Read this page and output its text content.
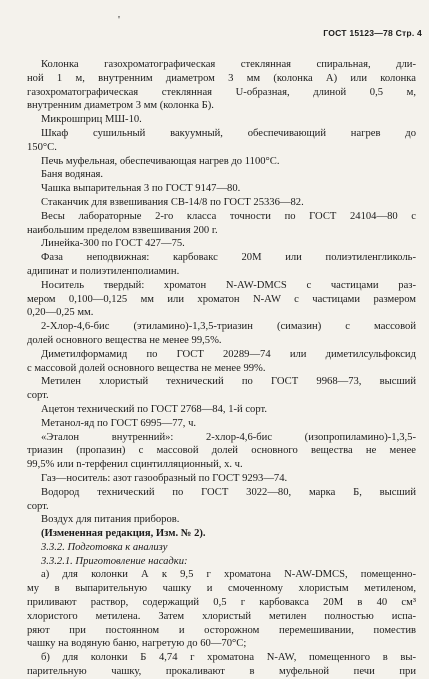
'
ГОСТ 15123—78 Стр. 4

Колонка газохроматографическая стеклянная спиральная, дли-
ной 1 м, внутренним диаметром 3 мм (колонка А) или колонка
газохроматографическая стеклянная U-образная, длиной 0,5 м,
внутренним диаметром 3 мм (колонка Б).

Микрошприц МШ-10.

Шкаф сушильный вакуумный, обеспечивающий нагрев до
150°С.

Печь муфельная, обеспечивающая нагрев до 1100°С.

Баня водяная.

Чашка выпарительная 3 по ГОСТ 9147—80.

Стаканчик для взвешивания СВ-14/8 по ГОСТ 25336—82.

Весы лабораторные 2-го класса точности по ГОСТ 24104—80 с
наибольшим пределом взвешивания 200 г.

Линейка-300 по ГОСТ 427—75.

Фаза неподвижная: карбовакс 20М или полиэтиленгликоль-
адипинат и полиэтиленполиамин.

Носитель твердый: хроматон N-AW-DMCS с частицами раз-
мером 0,100—0,125 мм или хроматон N-AW с частицами размером
0,20—0,25 мм.

2-Хлор-4,6-бис (этиламино)-1,3,5-триазин (симазин) с массовой
долей основного вещества не менее 99,5%.

Диметилформамид по ГОСТ 20289—74 или диметилсульфоксид
с массовой долей основного вещества не менее 99%.

Метилен хлористый технический по ГОСТ 9968—73, высший
сорт.

Ацетон технический по ГОСТ 2768—84, 1-й сорт.

Метанол-яд по ГОСТ 6995—77, ч.

«Эталон внутренний»: 2-хлор-4,6-бис (изопропиламино)-1,3,5-
триазин (пропазин) с массовой долей основного вещества не менее
99,5% или n-терфенил сцинтилляционный, х. ч.

Газ—носитель: азот газообразный по ГОСТ 9293—74.

Водород технический по ГОСТ 3022—80, марка Б, высший
сорт.

Воздух для питания приборов.

(Измененная редакция, Изм. № 2).

3.3.2. Подготовка к анализу

3.3.2.1. Приготовление насадки:

а) для колонки А к 9,5 г хроматона N-AW-DMCS, помещенно-
му в выпарительную чашку и смоченному хлористым метиленом,
приливают раствор, содержащий 0,5 г карбовакса 20М в 40 см³
хлористого метилена. Затем хлористый метилен полностью испа-
ряют при постоянном и осторожном перемешивании, поместив
чашку на водяную баню, нагретую до 60—70°С;

б) для колонки Б 4,74 г хроматона N-AW, помещенного в вы-
парительную чашку, прокаливают в муфельной печи при
